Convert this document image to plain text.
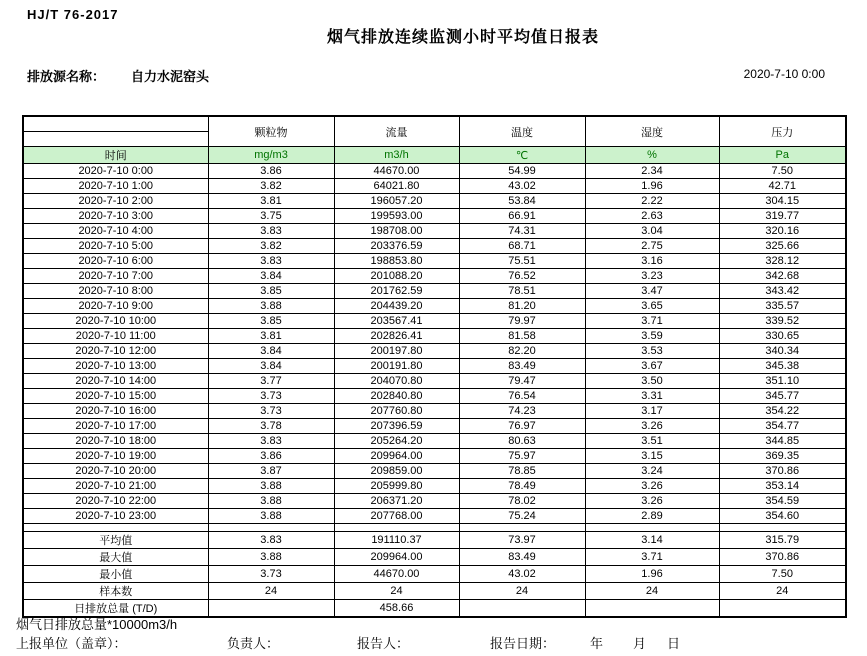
HJ/T 76-2017
烟气排放连续监测小时平均值日报表
排放源名称： 自力水泥窑头	2020-7-10 0:00
	颗粒物	流量	温度	湿度	压力

时间	mg/m3	m3/h	℃	%	Pa
2020-7-10 0:00	3.86	44670.00	54.99	2.34	7.50
2020-7-10 1:00	3.82	64021.80	43.02	1.96	42.71
2020-7-10 2:00	3.81	196057.20	53.84	2.22	304.15
2020-7-10 3:00	3.75	199593.00	66.91	2.63	319.77
2020-7-10 4:00	3.83	198708.00	74.31	3.04	320.16
2020-7-10 5:00	3.82	203376.59	68.71	2.75	325.66
2020-7-10 6:00	3.83	198853.80	75.51	3.16	328.12
2020-7-10 7:00	3.84	201088.20	76.52	3.23	342.68
2020-7-10 8:00	3.85	201762.59	78.51	3.47	343.42
2020-7-10 9:00	3.88	204439.20	81.20	3.65	335.57
2020-7-10 10:00	3.85	203567.41	79.97	3.71	339.52
2020-7-10 11:00	3.81	202826.41	81.58	3.59	330.65
2020-7-10 12:00	3.84	200197.80	82.20	3.53	340.34
2020-7-10 13:00	3.84	200191.80	83.49	3.67	345.38
2020-7-10 14:00	3.77	204070.80	79.47	3.50	351.10
2020-7-10 15:00	3.73	202840.80	76.54	3.31	345.77
2020-7-10 16:00	3.73	207760.80	74.23	3.17	354.22
2020-7-10 17:00	3.78	207396.59	76.97	3.26	354.77
2020-7-10 18:00	3.83	205264.20	80.63	3.51	344.85
2020-7-10 19:00	3.86	209964.00	75.97	3.15	369.35
2020-7-10 20:00	3.87	209859.00	78.85	3.24	370.86
2020-7-10 21:00	3.88	205999.80	78.49	3.26	353.14
2020-7-10 22:00	3.88	206371.20	78.02	3.26	354.59
2020-7-10 23:00	3.88	207768.00	75.24	2.89	354.60

平均值	3.83	191110.37	73.97	3.14	315.79
最大值	3.88	209964.00	83.49	3.71	370.86
最小值	3.73	44670.00	43.02	1.96	7.50
样本数	24	24	24	24	24
日排放总量 (T/D)		458.66			
烟气日排放总量*10000m3/h
上报单位（盖章）：	负责人：	报告人：	报告日期：	年 月 日
